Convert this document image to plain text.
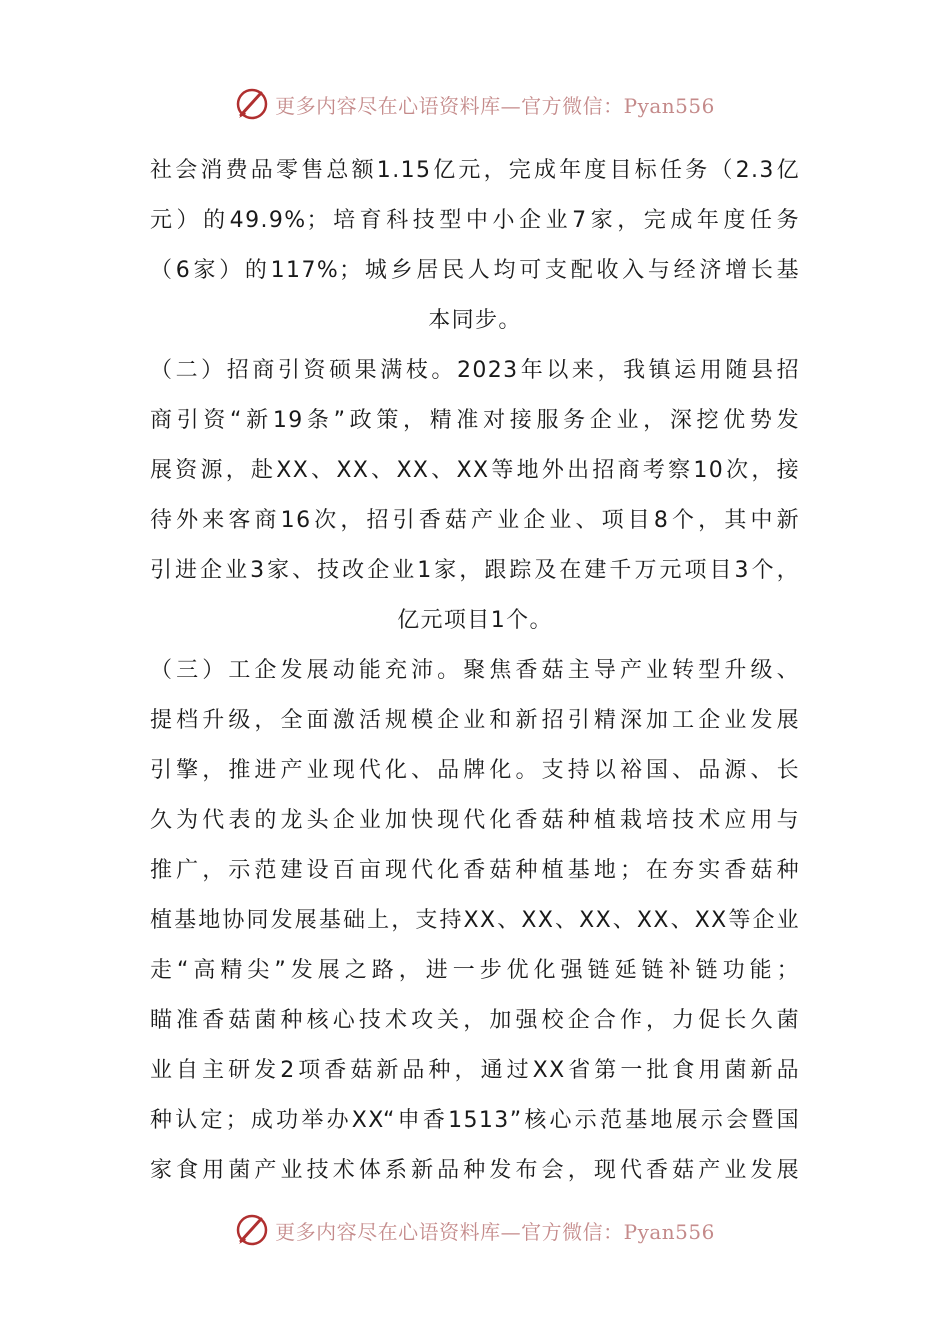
更多内容尽在心语资料库—官方微信：Pyan556
社会消费品零售总额1.15亿元，完成年度目标任务（2.3亿
元）的49.9%；培育科技型中小企业7家，完成年度任务
（6家）的117%；城乡居民人均可支配收入与经济增长基
本同步。
（二）招商引资硕果满枝。2023年以来，我镇运用随县招
商引资“新19条”政策，精准对接服务企业，深挖优势发
展资源，赴XX、XX、XX、XX等地外出招商考察10次，接
待外来客商16次，招引香菇产业企业、项目8个，其中新
引进企业3家、技改企业1家，跟踪及在建千万元项目3个，
亿元项目1个。
（三）工企发展动能充沛。聚焦香菇主导产业转型升级、
提档升级，全面激活规模企业和新招引精深加工企业发展
引擎，推进产业现代化、品牌化。支持以裕国、品源、长
久为代表的龙头企业加快现代化香菇种植栽培技术应用与
推广，示范建设百亩现代化香菇种植基地；在夯实香菇种
植基地协同发展基础上，支持XX、XX、XX、XX、XX等企业
走“高精尖”发展之路，进一步优化强链延链补链功能；
瞄准香菇菌种核心技术攻关，加强校企合作，力促长久菌
业自主研发2项香菇新品种，通过XX省第一批食用菌新品
种认定；成功举办XX“申香1513”核心示范基地展示会暨国
家食用菌产业技术体系新品种发布会，现代香菇产业发展
更多内容尽在心语资料库—官方微信：Pyan556
